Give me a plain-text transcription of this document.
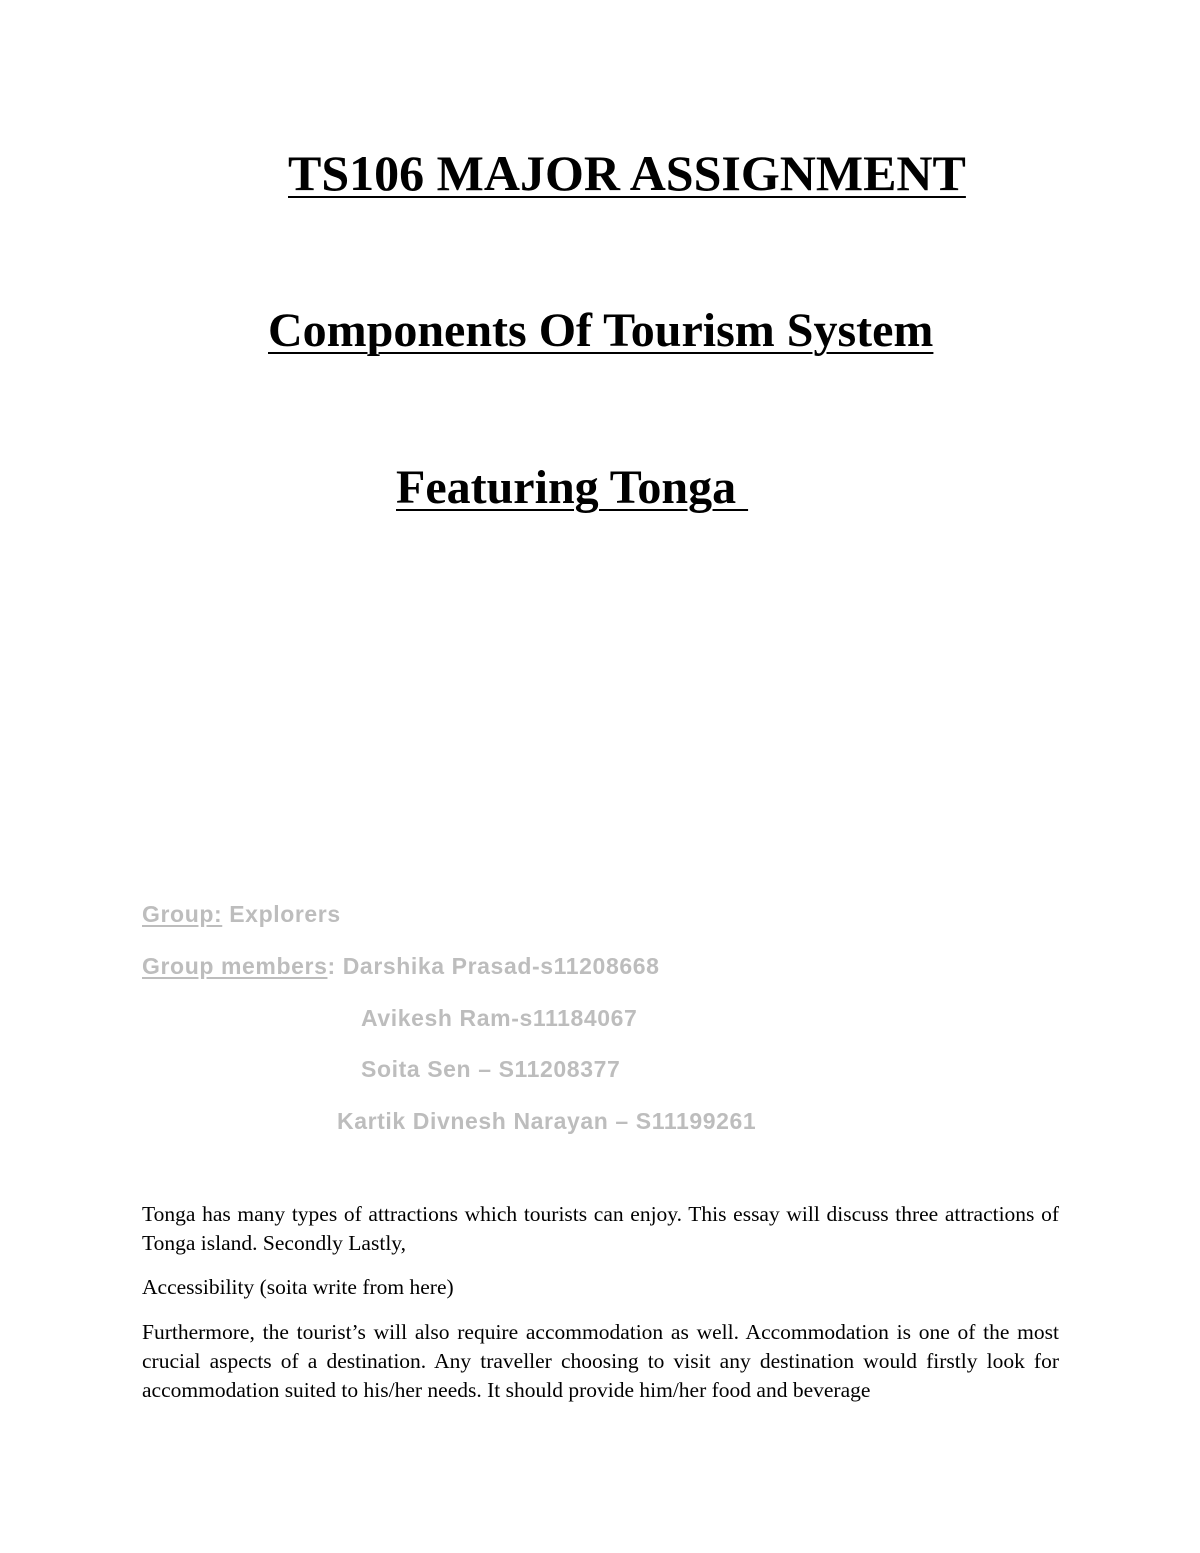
TS106 MAJOR ASSIGNMENT
Components Of Tourism System
Featuring Tonga
Group: Explorers
Group members: Darshika Prasad-s11208668
Avikesh Ram-s11184067
Soita Sen – S11208377
Kartik Divnesh Narayan – S11199261

Tonga has many types of attractions which tourists can enjoy. This essay will discuss three attractions of Tonga island. Secondly Lastly,

Accessibility (soita write from here)

Furthermore, the tourist’s will also require accommodation as well. Accommodation is one of the most crucial aspects of a destination. Any traveller choosing to visit any destination would firstly look for accommodation suited to his/her needs. It should provide him/her food and beverage
